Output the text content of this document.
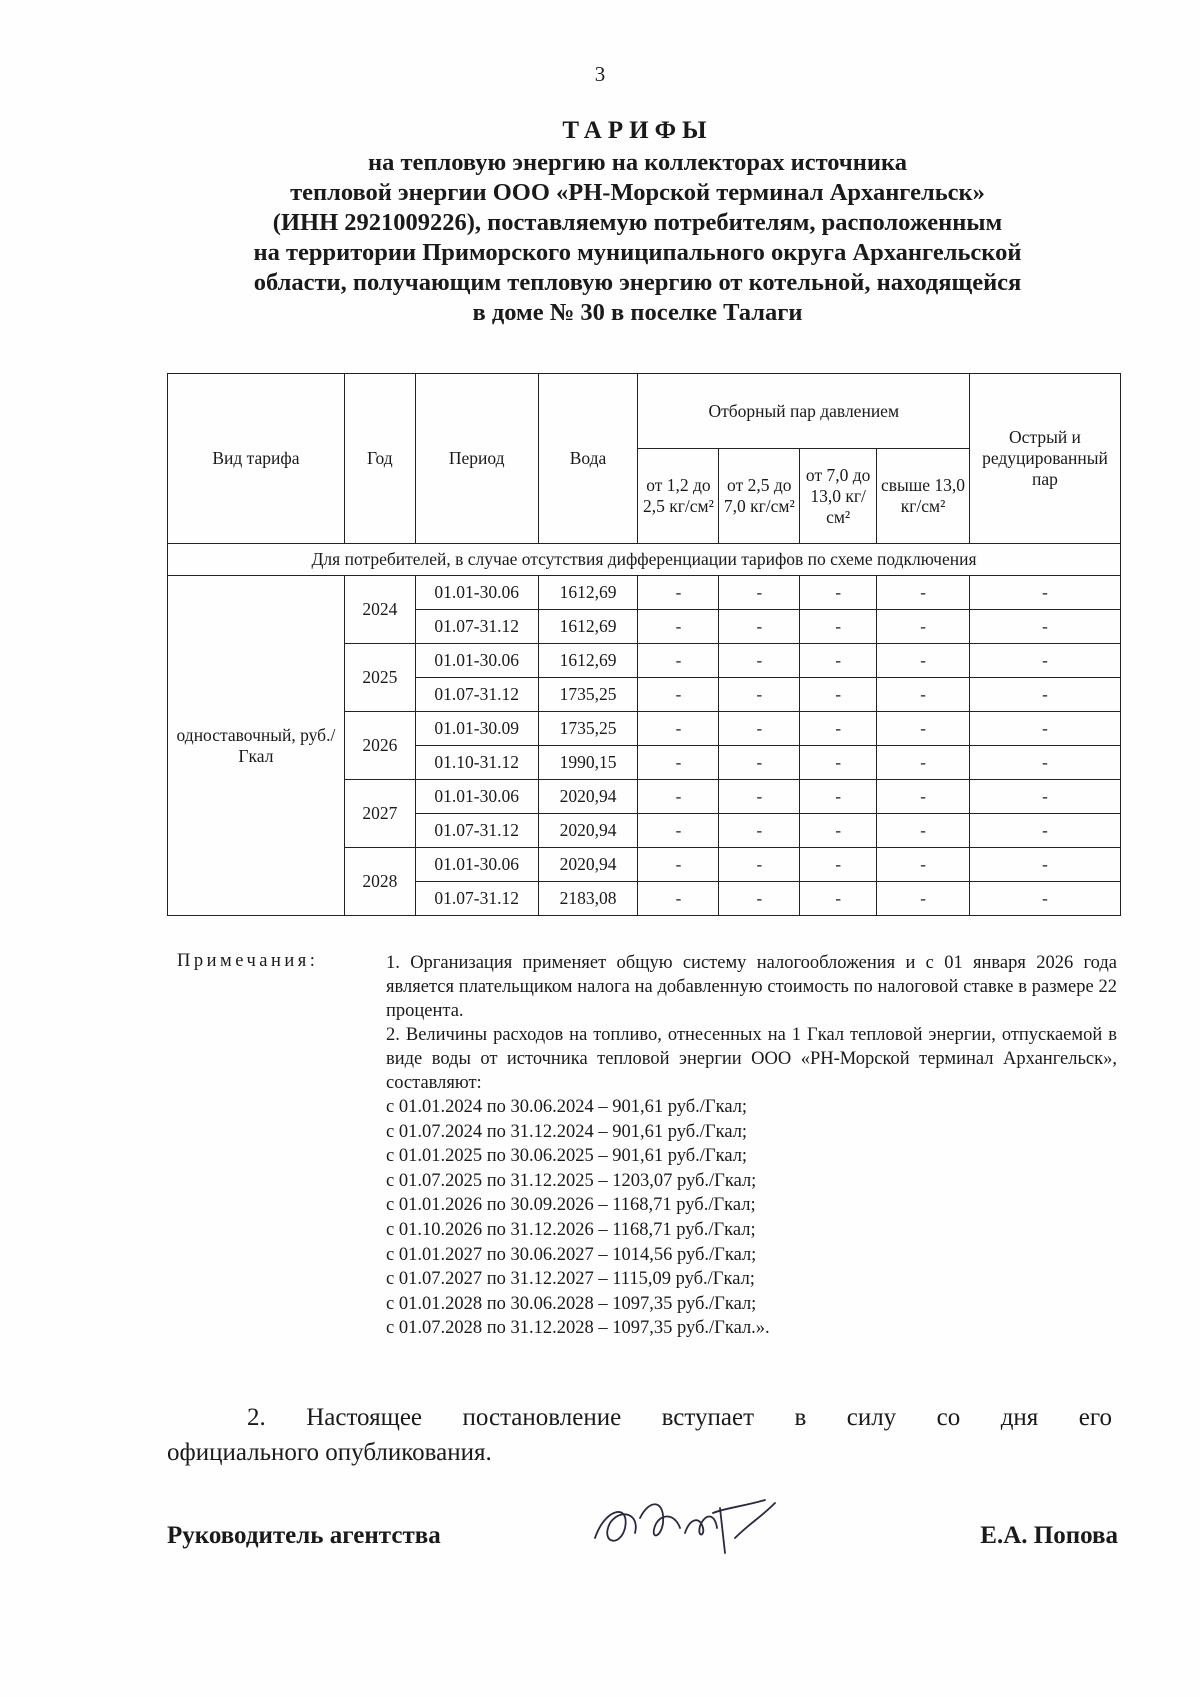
3
ТАРИФЫ
на тепловую энергию на коллекторах источника
тепловой энергии ООО «РН-Морской терминал Архангельск»
(ИНН 2921009226), поставляемую потребителям, расположенным
на территории Приморского муниципального округа Архангельской
области, получающим тепловую энергию от котельной, находящейся
в доме № 30 в поселке Талаги
Вид тарифа	Год	Период	Вода	Отборный пар давлением				Острый и редуцированный пар
				от 1,2 до 2,5 кг/см²	от 2,5 до 7,0 кг/см²	от 7,0 до 13,0 кг/см²	свыше 13,0 кг/см²	
Для потребителей, в случае отсутствия дифференциации тарифов по схеме подключения								
одноставочный, руб./Гкал	2024	01.01-30.06	1612,69	-	-	-	-	-
		01.07-31.12	1612,69	-	-	-	-	-
	2025	01.01-30.06	1612,69	-	-	-	-	-
		01.07-31.12	1735,25	-	-	-	-	-
	2026	01.01-30.09	1735,25	-	-	-	-	-
		01.10-31.12	1990,15	-	-	-	-	-
	2027	01.01-30.06	2020,94	-	-	-	-	-
		01.07-31.12	2020,94	-	-	-	-	-
	2028	01.01-30.06	2020,94	-	-	-	-	-
		01.07-31.12	2183,08	-	-	-	-	-
Примечания:	1. Организация применяет общую систему налогообложения и с 01 января 2026 года является плательщиком налога на добавленную стоимость по налоговой ставке в размере 22 процента.
2. Величины расходов на топливо, отнесенных на 1 Гкал тепловой энергии, отпускаемой в виде воды от источника тепловой энергии ООО «РН-Морской терминал Архангельск», составляют:
с 01.01.2024 по 30.06.2024 – 901,61 руб./Гкал;
с 01.07.2024 по 31.12.2024 – 901,61 руб./Гкал;
с 01.01.2025 по 30.06.2025 – 901,61 руб./Гкал;
с 01.07.2025 по 31.12.2025 – 1203,07 руб./Гкал;
с 01.01.2026 по 30.09.2026 – 1168,71 руб./Гкал;
с 01.10.2026 по 31.12.2026 – 1168,71 руб./Гкал;
с 01.01.2027 по 30.06.2027 – 1014,56 руб./Гкал;
с 01.07.2027 по 31.12.2027 – 1115,09 руб./Гкал;
с 01.01.2028 по 30.06.2028 – 1097,35 руб./Гкал;
с 01.07.2028 по 31.12.2028 – 1097,35 руб./Гкал.».
2. Настоящее постановление вступает в силу со дня его
официального опубликования.
Руководитель агентства	Е.А. Попова
